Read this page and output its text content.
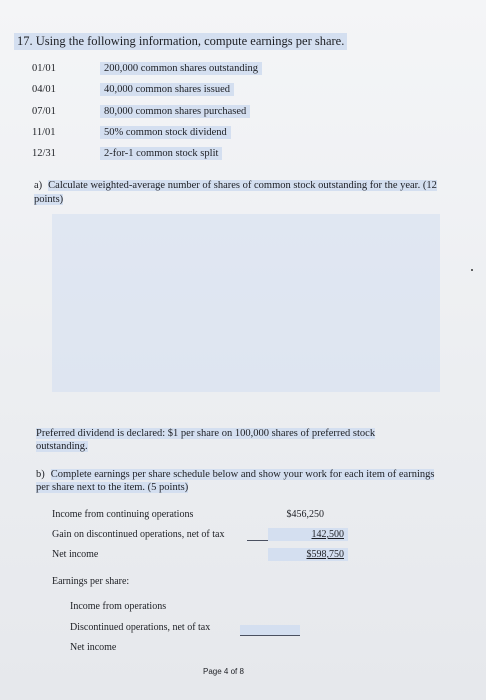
17. Using the following information, compute earnings per share.
01/01	200,000 common shares outstanding
04/01	40,000 common shares issued
07/01	80,000 common shares purchased
11/01	50% common stock dividend
12/31	2-for-1 common stock split
a) Calculate weighted-average number of shares of common stock outstanding for the year. (12 points)
Preferred dividend is declared: $1 per share on 100,000 shares of preferred stock outstanding.
b) Complete earnings per share schedule below and show your work for each item of earnings per share next to the item. (5 points)
Income from continuing operations	$456,250
Gain on discontinued operations, net of tax	142,500
Net income	$598,750
Earnings per share:
Income from operations
Discontinued operations, net of tax
Net income
Page 4 of 8
